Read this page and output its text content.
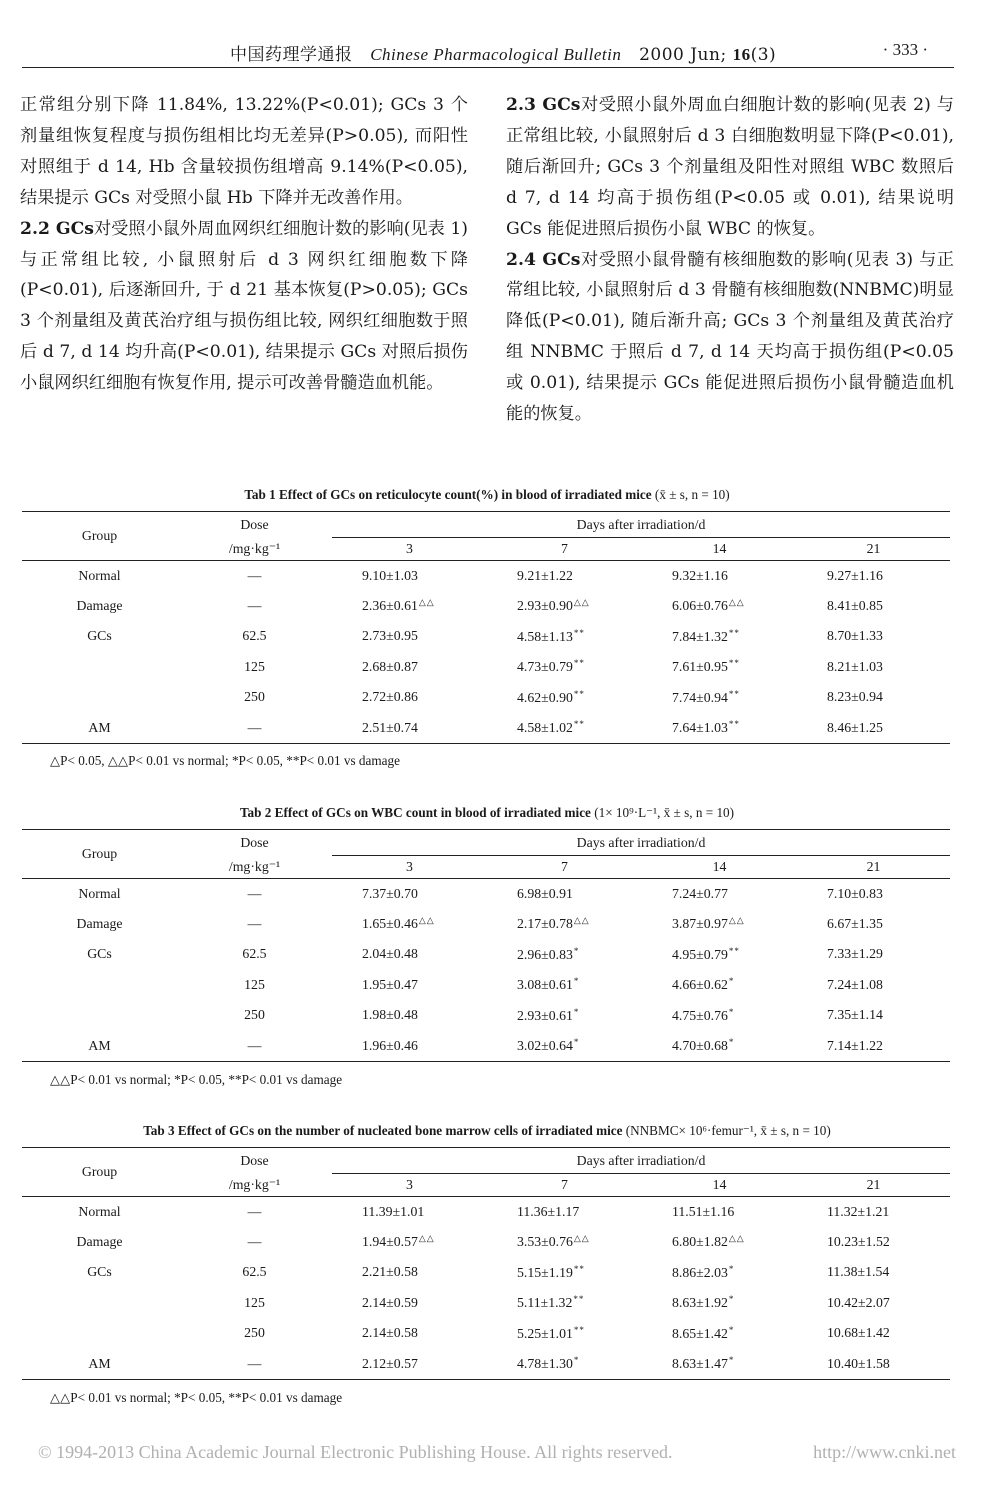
中国药理学通报 Chinese Pharmacological Bulletin 2000 Jun; 16(3)	· 333 ·

正常组分别下降 11.84%, 13.22%(P<0.01); GCs 3 个剂量组恢复程度与损伤组相比均无差异(P>0.05), 而阳性对照组于 d 14, Hb 含量较损伤组增高 9.14%(P<0.05), 结果提示 GCs 对受照小鼠 Hb 下降并无改善作用。

2.2 GCs对受照小鼠外周血网织红细胞计数的影响(见表 1) 与正常组比较, 小鼠照射后 d 3 网织红细胞数下降(P<0.01), 后逐渐回升, 于 d 21 基本恢复(P>0.05); GCs 3 个剂量组及黄芪治疗组与损伤组比较, 网织红细胞数于照后 d 7, d 14 均升高(P<0.01), 结果提示 GCs 对照后损伤小鼠网织红细胞有恢复作用, 提示可改善骨髓造血机能。

2.3 GCs对受照小鼠外周血白细胞计数的影响(见表 2) 与正常组比较, 小鼠照射后 d 3 白细胞数明显下降(P<0.01), 随后渐回升; GCs 3 个剂量组及阳性对照组 WBC 数照后 d 7, d 14 均高于损伤组(P<0.05 或 0.01), 结果说明 GCs 能促进照后损伤小鼠 WBC 的恢复。

2.4 GCs对受照小鼠骨髓有核细胞数的影响(见表 3) 与正常组比较, 小鼠照射后 d 3 骨髓有核细胞数(NNBMC)明显降低(P<0.01), 随后渐升高; GCs 3 个剂量组及黄芪治疗组 NNBMC 于照后 d 7, d 14 天均高于损伤组(P<0.05 或 0.01), 结果提示 GCs 能促进照后损伤小鼠骨髓造血机能的恢复。

Tab 1 Effect of GCs on reticulocyte count(%) in blood of irradiated mice (x̄ ± s, n = 10)
Group	Dose	Days after irradiation/d			

	/mg·kg⁻¹	3	7	14	21
Normal	—	9.10±1.03	9.21±1.22	9.32±1.16	9.27±1.16
Damage	—	2.36±0.61△△	2.93±0.90△△	6.06±0.76△△	8.41±0.85
GCs	62.5	2.73±0.95	4.58±1.13**	7.84±1.32**	8.70±1.33
	125	2.68±0.87	4.73±0.79**	7.61±0.95**	8.21±1.03
	250	2.72±0.86	4.62±0.90**	7.74±0.94**	8.23±0.94
AM	—	2.51±0.74	4.58±1.02**	7.64±1.03**	8.46±1.25
△P< 0.05, △△P< 0.01 vs normal; *P< 0.05, **P< 0.01 vs damage
Tab 2 Effect of GCs on WBC count in blood of irradiated mice (1× 10⁹·L⁻¹, x̄ ± s, n = 10)
Group	Dose	Days after irradiation/d			

	/mg·kg⁻¹	3	7	14	21
Normal	—	7.37±0.70	6.98±0.91	7.24±0.77	7.10±0.83
Damage	—	1.65±0.46△△	2.17±0.78△△	3.87±0.97△△	6.67±1.35
GCs	62.5	2.04±0.48	2.96±0.83*	4.95±0.79**	7.33±1.29
	125	1.95±0.47	3.08±0.61*	4.66±0.62*	7.24±1.08
	250	1.98±0.48	2.93±0.61*	4.75±0.76*	7.35±1.14
AM	—	1.96±0.46	3.02±0.64*	4.70±0.68*	7.14±1.22
△△P< 0.01 vs normal; *P< 0.05, **P< 0.01 vs damage
Tab 3 Effect of GCs on the number of nucleated bone marrow cells of irradiated mice (NNBMC× 10⁶·femur⁻¹, x̄ ± s, n = 10)
Group	Dose	Days after irradiation/d			

	/mg·kg⁻¹	3	7	14	21
Normal	—	11.39±1.01	11.36±1.17	11.51±1.16	11.32±1.21
Damage	—	1.94±0.57△△	3.53±0.76△△	6.80±1.82△△	10.23±1.52
GCs	62.5	2.21±0.58	5.15±1.19**	8.86±2.03*	11.38±1.54
	125	2.14±0.59	5.11±1.32**	8.63±1.92*	10.42±2.07
	250	2.14±0.58	5.25±1.01**	8.65±1.42*	10.68±1.42
AM	—	2.12±0.57	4.78±1.30*	8.63±1.47*	10.40±1.58
△△P< 0.01 vs normal; *P< 0.05, **P< 0.01 vs damage
© 1994-2013 China Academic Journal Electronic Publishing House. All rights reserved.	http://www.cnki.net
